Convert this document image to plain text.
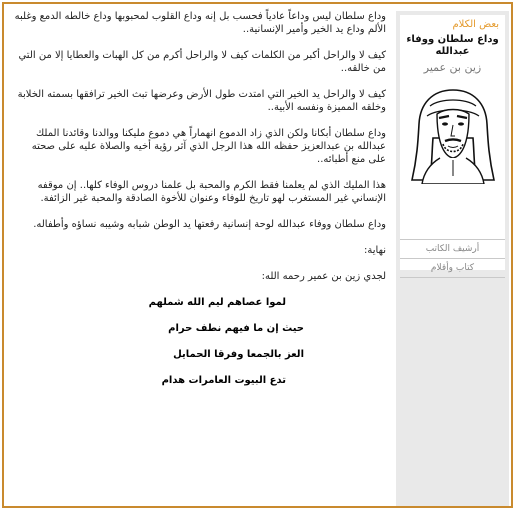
وداع سلطان ليس وداعاً عادياً فحسب بل إنه وداع القلوب لمحبوبها وداع خالطه الدمع وغلبه الألم وداع يد الخير وأمير الإنسانية..

كيف لا والراحل أكبر من الكلمات كيف لا والراحل أكرم من كل الهبات والعطايا إلا من التي من خالقه..

كيف لا والراحل يد الخير التي امتدت طول الأرض وعرضها تبث الخير ترافقها بسمته الخلابة وخلقه المميزة ونفسه الأبية..

وداع سلطان أبكانا ولكن الذي زاد الدموع انهماراً هي دموع مليكنا ووالدنا وقائدنا الملك عبدالله بن عبدالعزيز حفظه الله هذا الرجل الذي آثر رؤية أخيه والصلاة عليه على صحته على منع أطبائه..

هذا المليك الذي لم يعلمنا فقط الكرم والمحبة بل علمنا دروس الوفاء كلها.. إن موقفه الإنساني غير المستغرب لهو تاريخ للوفاء وعنوان للأخوة الصادقة والمحبة غير الزائفة.

وداع سلطان ووفاء عبدالله لوحة إنسانية رفعتها يد الوطن شبابه وشيبه نساؤه وأطفاله.

نهاية:

لجدي زين بن عمير رحمه الله:

لموا عصاهم ليم الله شملهم

حيث إن ما فيهم نطف حرام

العز بالجمعا وفرقا الحمايل

تدع البيوت العامرات هدام

بعض الكلام
وداع سلطان ووفاء
عبدالله
زين بن عمير
أرشيف الكاتب
كتاب وأقلام
